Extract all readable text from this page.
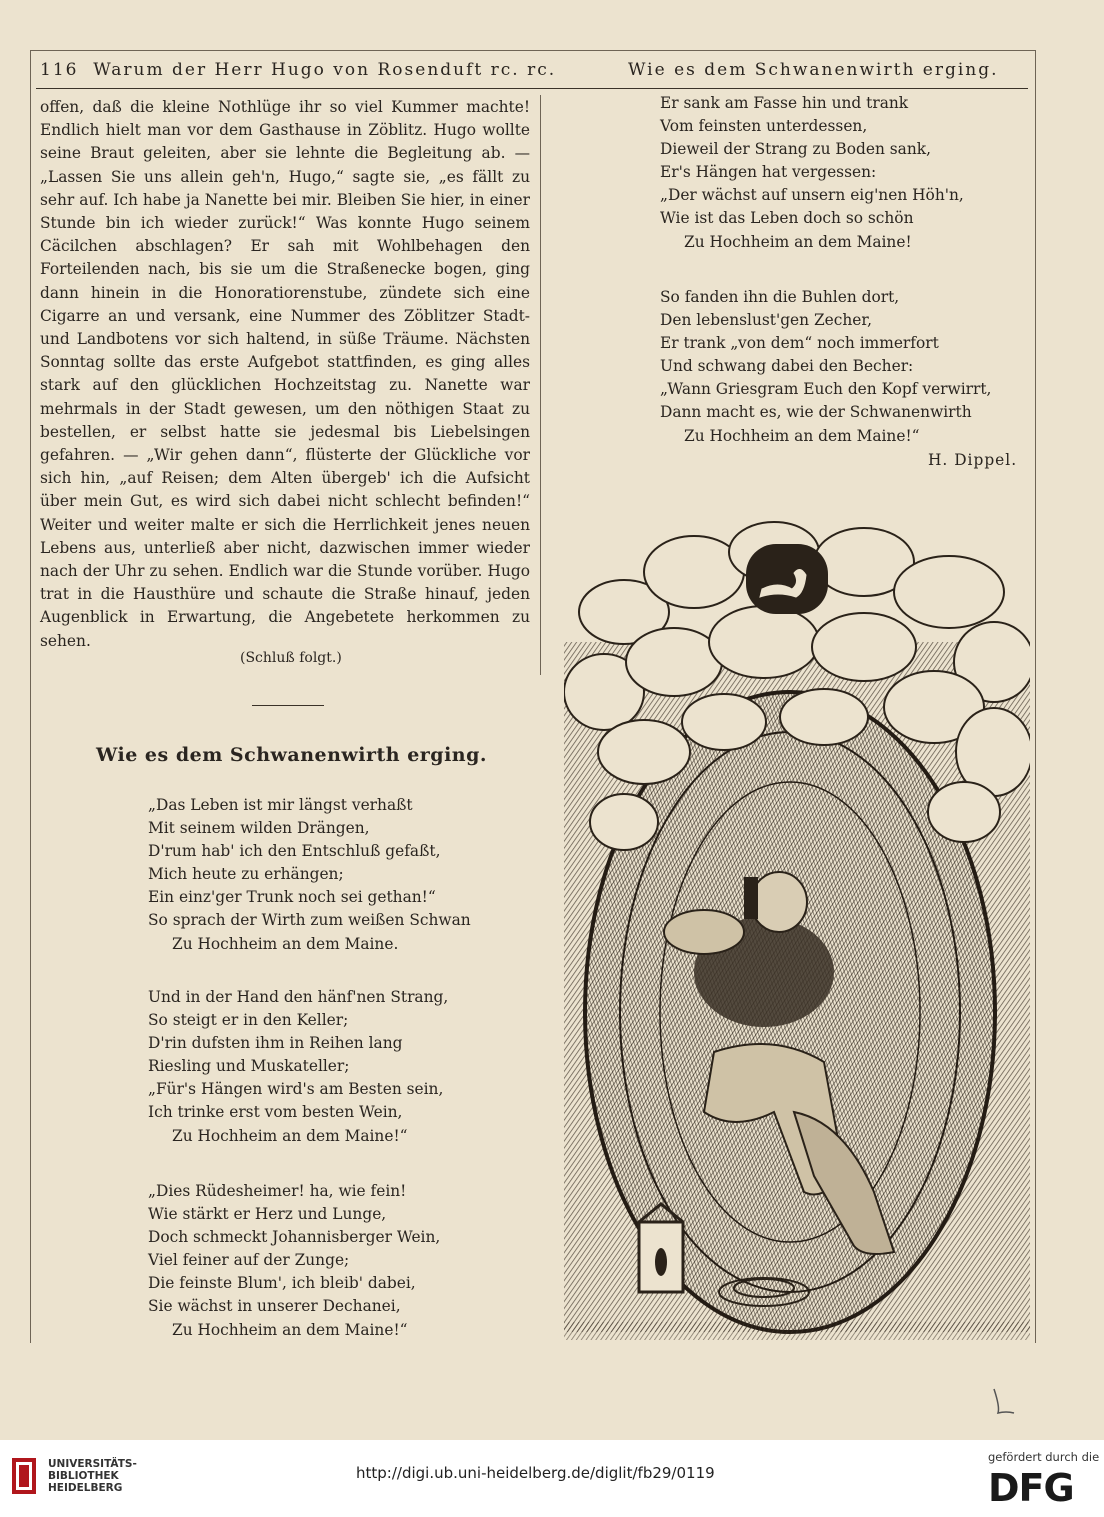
116 Warum der Herr Hugo von Rosenduft rc. rc.	Wie es dem Schwanenwirth erging.

offen, daß die kleine Nothlüge ihr so viel Kummer machte! Endlich hielt man vor dem Gasthause in Zöblitz. Hugo wollte seine Braut geleiten, aber sie lehnte die Begleitung ab. — „Lassen Sie uns allein geh'n, Hugo,“ sagte sie, „es fällt zu sehr auf. Ich habe ja Nanette bei mir. Bleiben Sie hier, in einer Stunde bin ich wieder zurück!“ Was konnte Hugo seinem Cäcilchen abschlagen? Er sah mit Wohlbehagen den Forteilenden nach, bis sie um die Straßenecke bogen, ging dann hinein in die Honoratiorenstube, zündete sich eine Cigarre an und versank, eine Nummer des Zöblitzer Stadt- und Landbotens vor sich haltend, in süße Träume. Nächsten Sonntag sollte das erste Aufgebot stattfinden, es ging alles stark auf den glücklichen Hochzeitstag zu. Nanette war mehrmals in der Stadt gewesen, um den nöthigen Staat zu bestellen, er selbst hatte sie jedesmal bis Liebelsingen gefahren. — „Wir gehen dann“, flüsterte der Glückliche vor sich hin, „auf Reisen; dem Alten übergeb' ich die Aufsicht über mein Gut, es wird sich dabei nicht schlecht befinden!“ Weiter und weiter malte er sich die Herrlichkeit jenes neuen Lebens aus, unterließ aber nicht, dazwischen immer wieder nach der Uhr zu sehen. Endlich war die Stunde vorüber. Hugo trat in die Hausthüre und schaute die Straße hinauf, jeden Augenblick in Erwartung, die Angebetete herkommen zu sehen.

(Schluß folgt.)
Wie es dem Schwanenwirth erging.
„Das Leben ist mir längst verhaßt
Mit seinem wilden Drängen,
D'rum hab' ich den Entschluß gefaßt,
Mich heute zu erhängen;
Ein einz'ger Trunk noch sei gethan!“
So sprach der Wirth zum weißen Schwan
Zu Hochheim an dem Maine.
Und in der Hand den hänf'nen Strang,
So steigt er in den Keller;
D'rin dufsten ihm in Reihen lang
Riesling und Muskateller;
„Für's Hängen wird's am Besten sein,
Ich trinke erst vom besten Wein,
Zu Hochheim an dem Maine!“
„Dies Rüdesheimer! ha, wie fein!
Wie stärkt er Herz und Lunge,
Doch schmeckt Johannisberger Wein,
Viel feiner auf der Zunge;
Die feinste Blum', ich bleib' dabei,
Sie wächst in unserer Dechanei,
Zu Hochheim an dem Maine!“
Er sank am Fasse hin und trank
Vom feinsten unterdessen,
Dieweil der Strang zu Boden sank,
Er's Hängen hat vergessen:
„Der wächst auf unsern eig'nen Höh'n,
Wie ist das Leben doch so schön
Zu Hochheim an dem Maine!
So fanden ihn die Buhlen dort,
Den lebenslust'gen Zecher,
Er trank „von dem“ noch immerfort
Und schwang dabei den Becher:
„Wann Griesgram Euch den Kopf verwirrt,
Dann macht es, wie der Schwanenwirth
Zu Hochheim an dem Maine!“
H. Dippel.
UNIVERSITÄTS-
BIBLIOTHEK
HEIDELBERG
http://digi.ub.uni-heidelberg.de/diglit/fb29/0119
gefördert durch die
DFG
